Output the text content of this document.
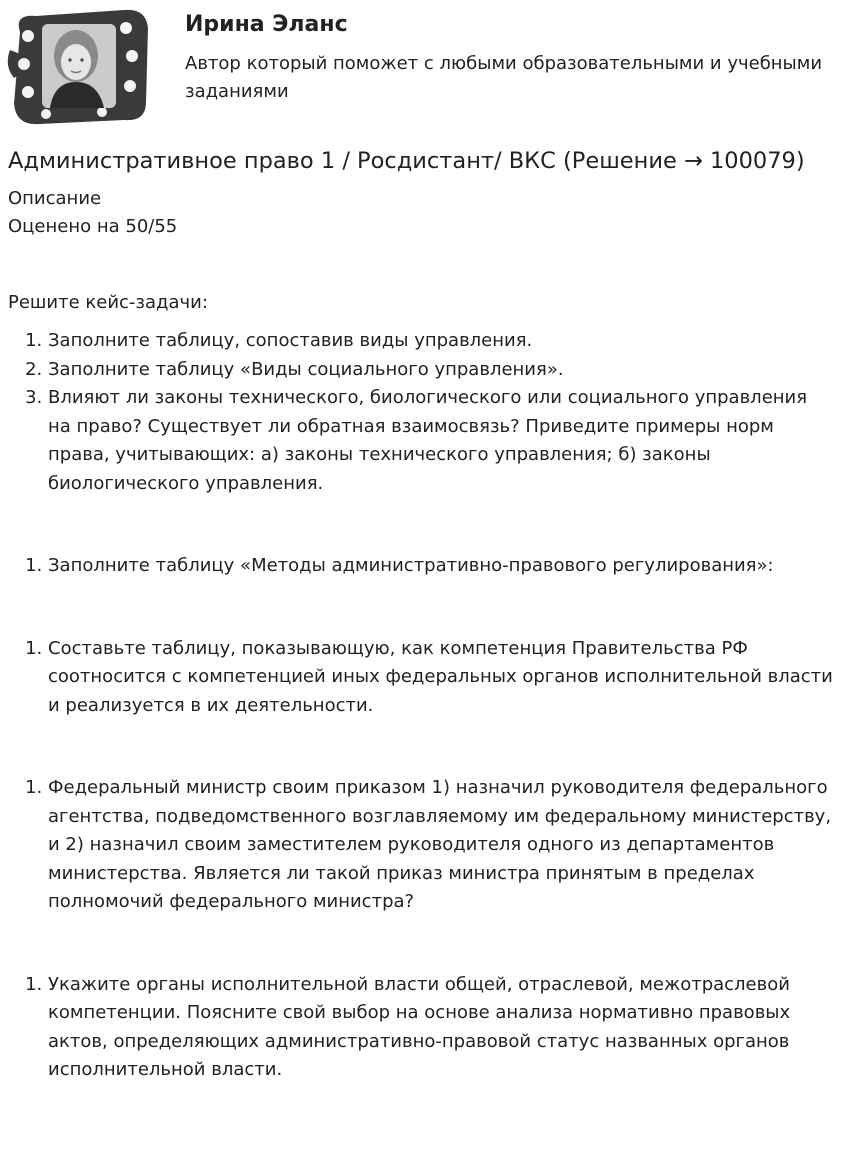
Ирина Эланс
Автор который поможет с любыми образовательными и учебными заданиями
Административное право 1 / Росдистант/ ВКС (Решение → 100079)

Описание

Оценено на 50/55

Решите кейс-задачи:

1. Заполните таблицу, сопоставив виды управления.
2. Заполните таблицу «Виды социального управления».
3. Влияют ли законы технического, биологического или социального управления на право? Существует ли обратная взаимосвязь? Приведите примеры норм права, учитывающих: а) законы технического управления; б) законы биологического управления.
1. Заполните таблицу «Методы административно-правового регулирования»:
1. Составьте таблицу, показывающую, как компетенция Правительства РФ соотносится с компетенцией иных федеральных органов исполнительной власти и реализуется в их деятельности.
1. Федеральный министр своим приказом 1) назначил руководителя федерального агентства, подведомственного возглавляемому им федеральному министерству, и 2) назначил своим заместителем руководителя одного из департаментов министерства. Является ли такой приказ министра принятым в пределах полномочий федерального министра?
1. Укажите органы исполнительной власти общей, отраслевой, межотраслевой компетенции. Поясните свой выбор на основе анализа нормативно правовых актов, определяющих административно-правовой статус названных органов исполнительной власти.
